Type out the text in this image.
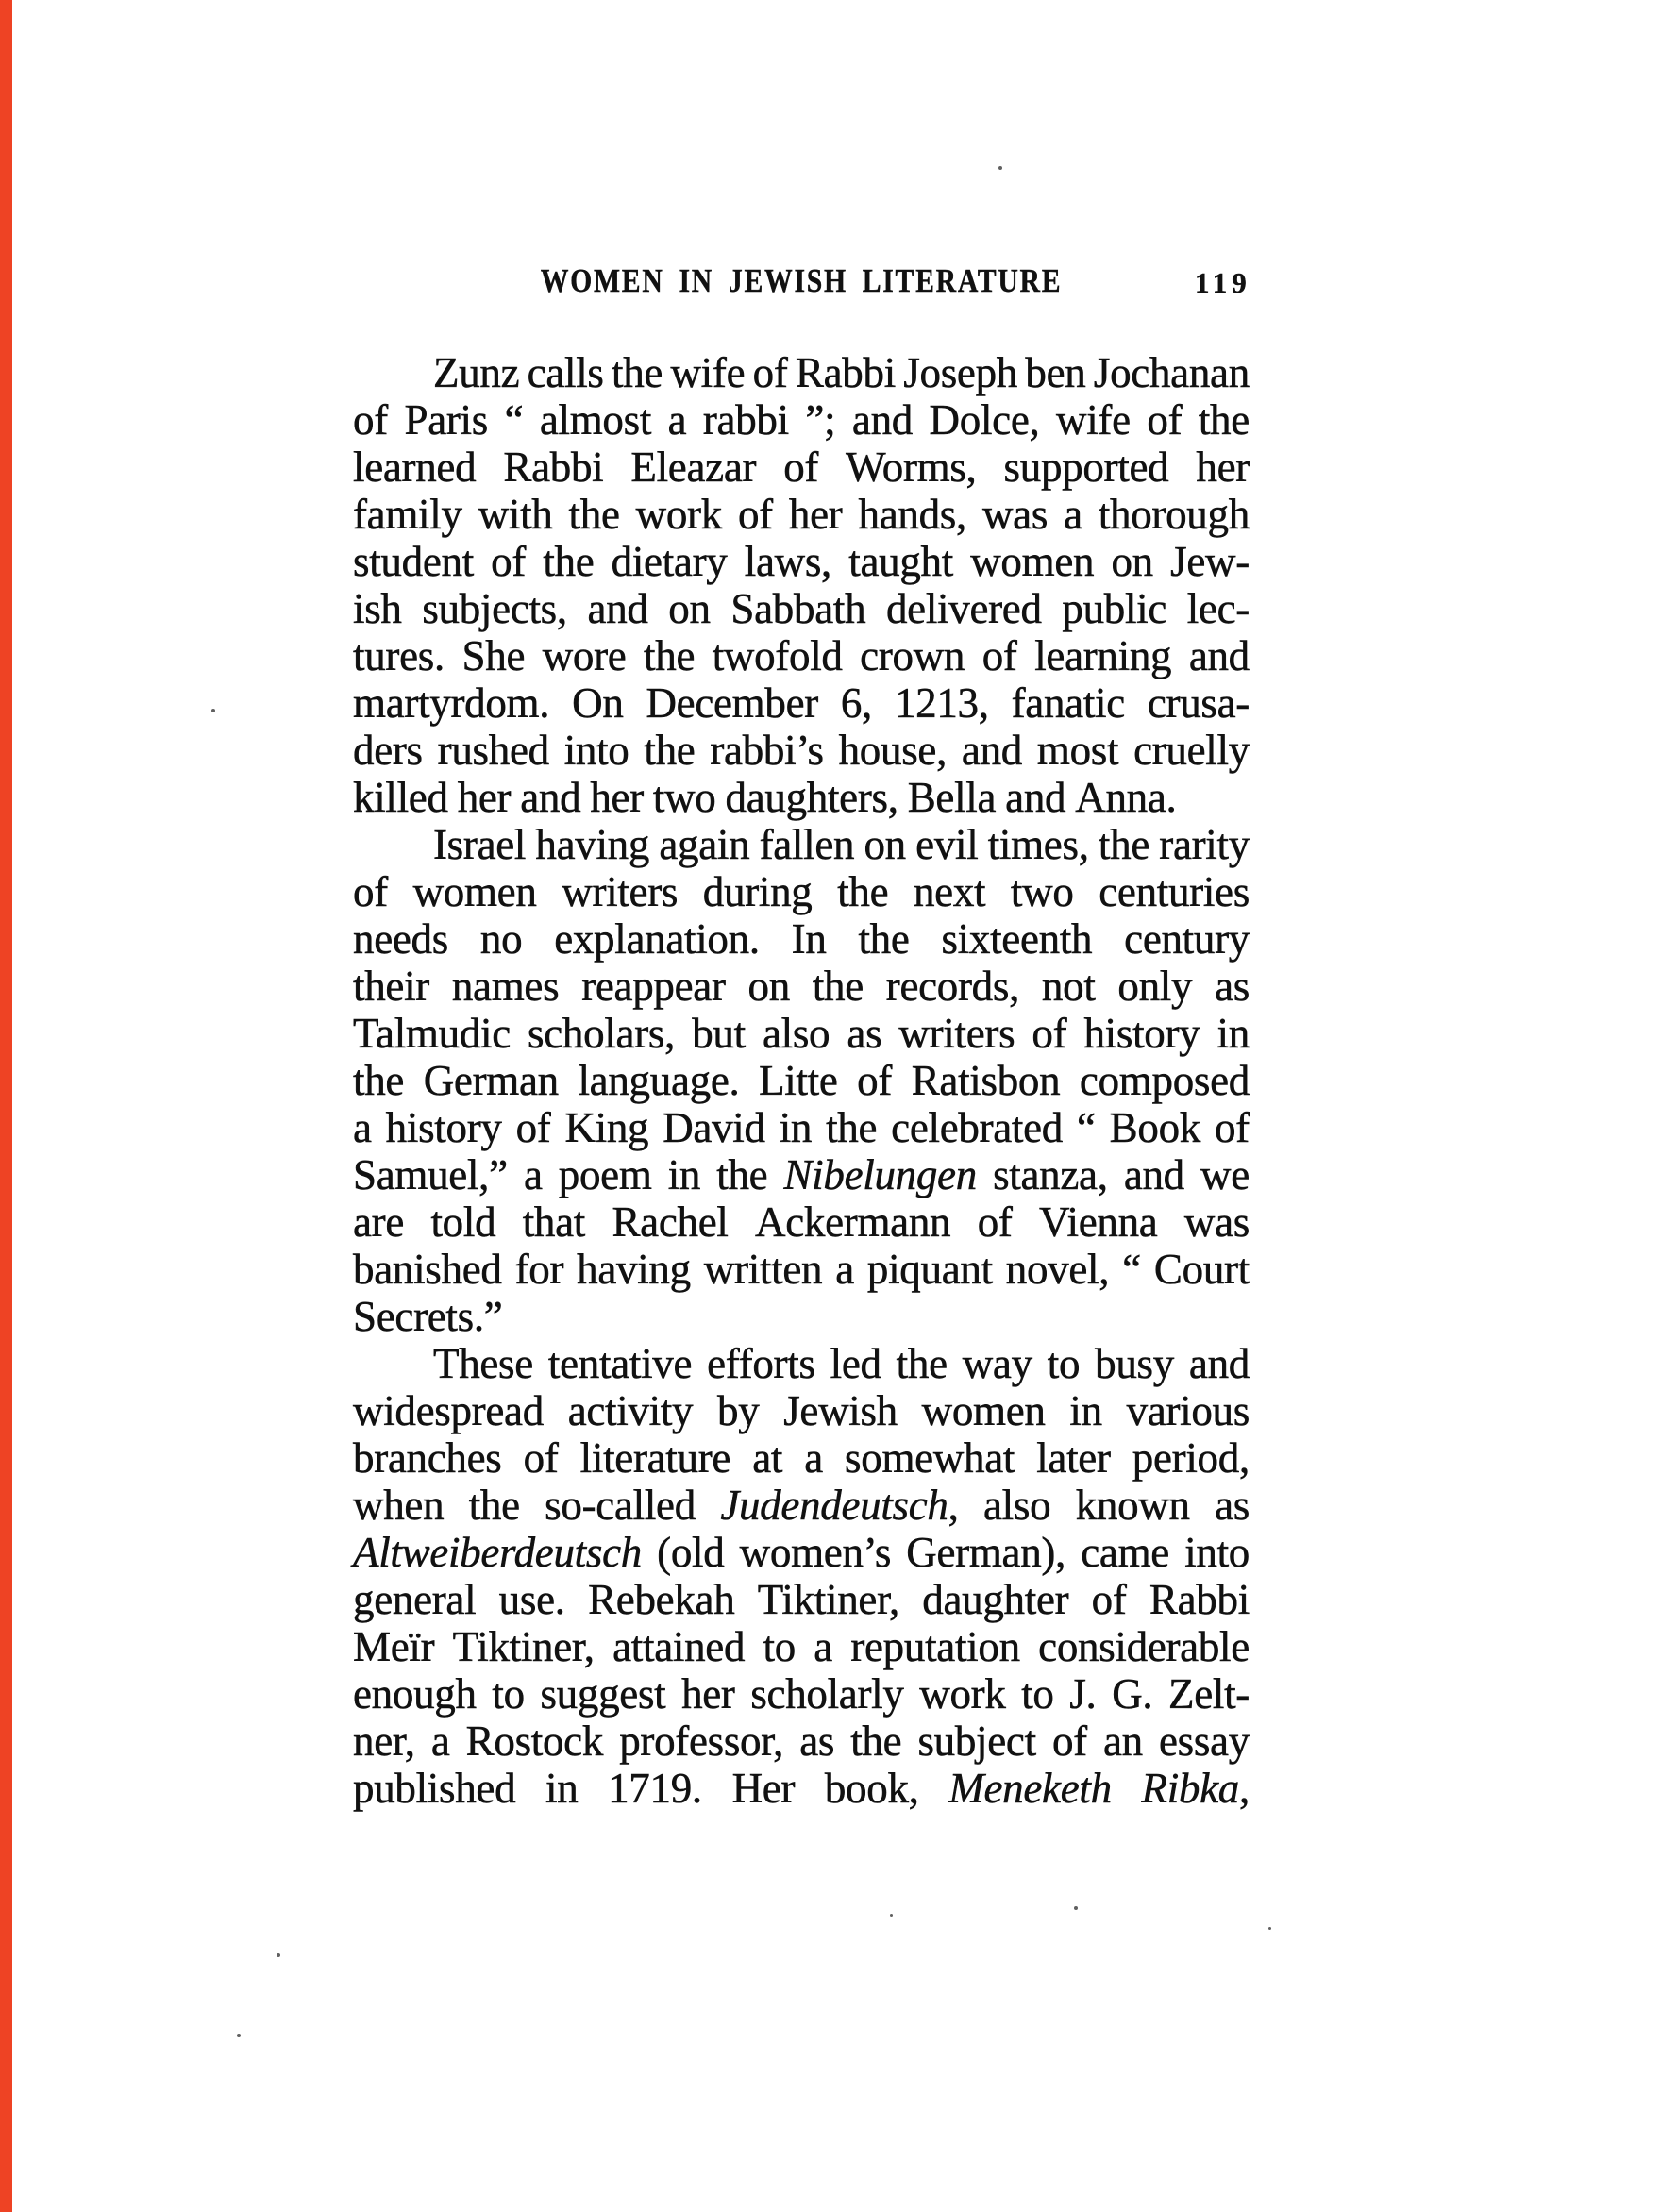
WOMEN IN JEWISH LITERATURE	119
Zunz calls the wife of Rabbi Joseph ben Jochanan
of Paris “ almost a rabbi ”; and Dolce, wife of the
learned Rabbi Eleazar of Worms, supported her
family with the work of her hands, was a thorough
student of the dietary laws, taught women on Jew-
ish subjects, and on Sabbath delivered public lec-
tures. She wore the twofold crown of learning and
martyrdom. On December 6, 1213, fanatic crusa-
ders rushed into the rabbi’s house, and most cruelly
killed her and her two daughters, Bella and Anna.
Israel having again fallen on evil times, the rarity
of women writers during the next two centuries
needs no explanation. In the sixteenth century
their names reappear on the records, not only as
Talmudic scholars, but also as writers of history in
the German language. Litte of Ratisbon composed
a history of King David in the celebrated “ Book of
Samuel,” a poem in the Nibelungen stanza, and we
are told that Rachel Ackermann of Vienna was
banished for having written a piquant novel, “ Court
Secrets.”
These tentative efforts led the way to busy and
widespread activity by Jewish women in various
branches of literature at a somewhat later period,
when the so-called Judendeutsch, also known as
Altweiberdeutsch (old women’s German), came into
general use. Rebekah Tiktiner, daughter of Rabbi
Meïr Tiktiner, attained to a reputation considerable
enough to suggest her scholarly work to J. G. Zelt-
ner, a Rostock professor, as the subject of an essay
published in 1719. Her book, Meneketh Ribka,
